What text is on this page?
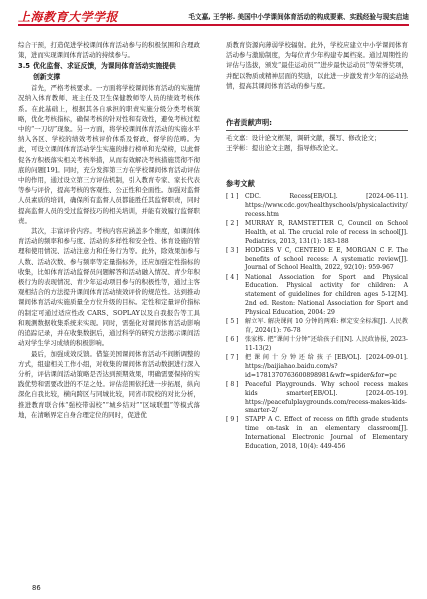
上海教育大学学报	毛文嘉, 王学彬. 美国中小学课间体育活动的构成要素、实践经验与现实启迪

综合干预，打造促进学校课间体育活动参与的积极氛围和合理政策，进而实现课间体育活动的持续参与。

3.5 优化监督、求证反馈，为课间体育活动实施提供
创新支撑

首先，严格考核要求。一方面将学校课间体育活动的实施情况纳入体育教师、班主任及卫生保健教师等人员的绩效考核体系。在此基础上，根据其各自承担的职责实施分级分类考核策略，优化考核指标，确保考核的针对性和有效性，避免考核过程中的“一刀切”现象。另一方面，将学校课间体育活动的实施水平纳入各区、学校的绩效考核评价体系及督政、督学的范畴。为此，可设立课间体育活动学生实施的排行榜单和光荣榜，以此督促各方积极落实相关考核举措，从而有效解决考核措施贯彻不彻底的问题[19]。同时，充分发挥第三方在学校课间体育活动评估中的作用，通过设立第三方评估机制，引入教育专家、家长代表等参与评价，提高考核的客观性、公正性和全面性。加强对监督人员素质的培训，确保所有监督人员都能胜任其监督职责，同时提高监督人员的受过监督技巧的相关培训，并能有效履行监督职责。

其次，丰富评价内容。考核内容应涵盖多个维度，如课间体育活动的频率和参与度、活动的多样性和安全性、体育设施的管理和使用情况、活动注意力和任务行为等。此外，除效果加参与人数、活动次数、参与频率等定量指标外，还应加强定性指标的收集，比如体育活动监督员问题解答和活动融入情况、青少年积极行为的表现情况、青少年运动项目参与的积极性等，通过主客观相结合的方法提升课间体育活动绩效评价的规范性。达到推动课间体育活动实施质量全方位升级的目标。定性和定量评价指标的制定可通过适应性改 CARS、SOPLAY以及自我报告等工具和观测数据收集系统来实现。同时，需强化对课间体育活动影响的追踪记录，并在收集数据后，通过科学的研究方法揭示课间活动对学生学习成绩的积极影响。

最后，加强成效反馈。借鉴美国课间体育活动不间断调整的方式，组建相关工作小组，对收集的课间体育活动数据进行深入分析，评估课间活动策略是否达到预期效果，明确需要保持的实践优势和需要改进的不足之处。评估范围依托进一步拓展，纵向深化自我比较，横向跨区与同城比较，同省市院校的对比分析，推进教育联合体“强校带弱校”“城乡结对”“区域联盟”等模式落地，在清晰界定自身合理定位的同时，促进优

质教育资源向薄弱学校辐射。此外，学校应建立中小学课间体育活动参与激励制度，为每位青少年构建专属档案。通过周期性的评估与选拔，颁发“最佳运动员”“进步最快运动员”等荣誉奖项，并配以物质或精神层面的奖励，以此进一步激发青少年的运动热情，提高其课间体育活动的参与度。

作者贡献声明:

毛文嘉：设计论文框架，调研文献，撰写、修改论文；

王学彬：提出论文主题，指导修改论文。

参考文献
[ 1 ]	CDC. Recess[EB/OL]. [2024-06-11]. https://www.cdc.gov/healthyschools/physicalactivity/recess.htm
[ 2 ]	MURRAY R, RAMSTETTER C, Council on School Health, et al. The crucial role of recess in school[J]. Pediatrics, 2013, 131(1): 183-188
[ 3 ]	HODGES V C, CENTEIO E E, MORGAN C F. The benefits of school recess: A systematic review[J]. Journal of School Health, 2022, 92(10): 959-967
[ 4 ]	National Association for Sport and Physical Education. Physical activity for children: A statement of guidelines for children ages 5-12[M]. 2nd ed. Reston: National Association for Sport and Physical Education, 2004: 29
[ 5 ]	解立军. 解决课间 10 分钟的两难: 框定安全标准[J]. 人民教育, 2024(1): 76-78
[ 6 ]	张家栋. 把“课间十分钟”还给孩子们[N]. 人民政协报, 2023-11-13(2)
[ 7 ]	把课间十分钟还给孩子[EB/OL]. [2024-09-01]. https://baijiahao.baidu.com/s?id=1781370763600898981&wfr=spider&for=pc
[ 8 ]	Peaceful Playgrounds. Why school recess makes kids smarter[EB/OL]. [2024-05-19]. https://peacefulplaygrounds.com/recess-makes-kids-smarter-2/
[ 9 ]	STAPP A C. Effect of recess on fifth grade students time on-task in an elementary classroom[J]. International Electronic Journal of Elementary Education, 2018, 10(4): 449-456
86
